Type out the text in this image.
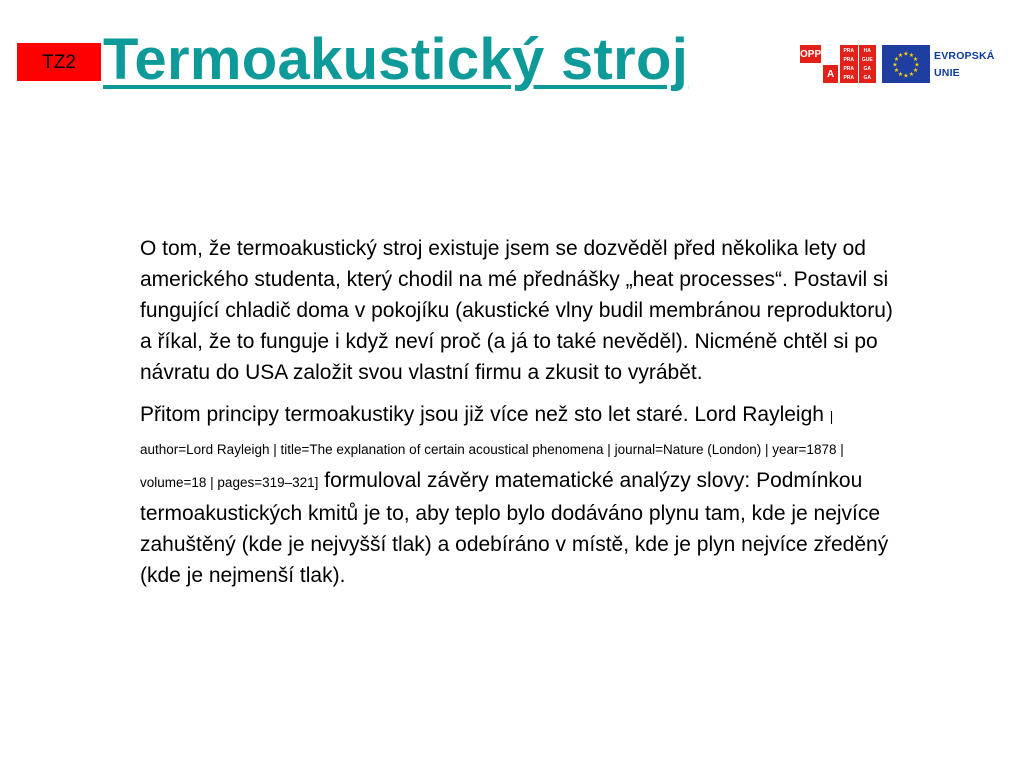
TZ2 Termoakustický stroj	OPP
A
PRA
PRA
PRA
PRA
HA
GUE
GA
GA
★
★
★
★
★
★
★
★
★ ★ ★
★ EVROPSKÁ
UNIE

O tom, že termoakustický stroj existuje jsem se dozvěděl před několika lety od amerického studenta, který chodil na mé přednášky „heat processes“. Postavil si fungující chladič doma v pokojíku (akustické vlny budil membránou reproduktoru) a říkal, že to funguje i když neví proč (a já to také nevěděl). Nicméně chtěl si po návratu do USA založit svou vlastní firmu a zkusit to vyrábět.

Přitom principy termoakustiky jsou již více než sto let staré. Lord Rayleigh | author=Lord Rayleigh | title=The explanation of certain acoustical phenomena | journal=Nature (London) | year=1878 | volume=18 | pages=319–321] formuloval závěry matematické analýzy slovy: Podmínkou termoakustických kmitů je to, aby teplo bylo dodáváno plynu tam, kde je nejvíce zahuštěný (kde je nejvyšší tlak) a odebíráno v místě, kde je plyn nejvíce zředěný (kde je nejmenší tlak).
